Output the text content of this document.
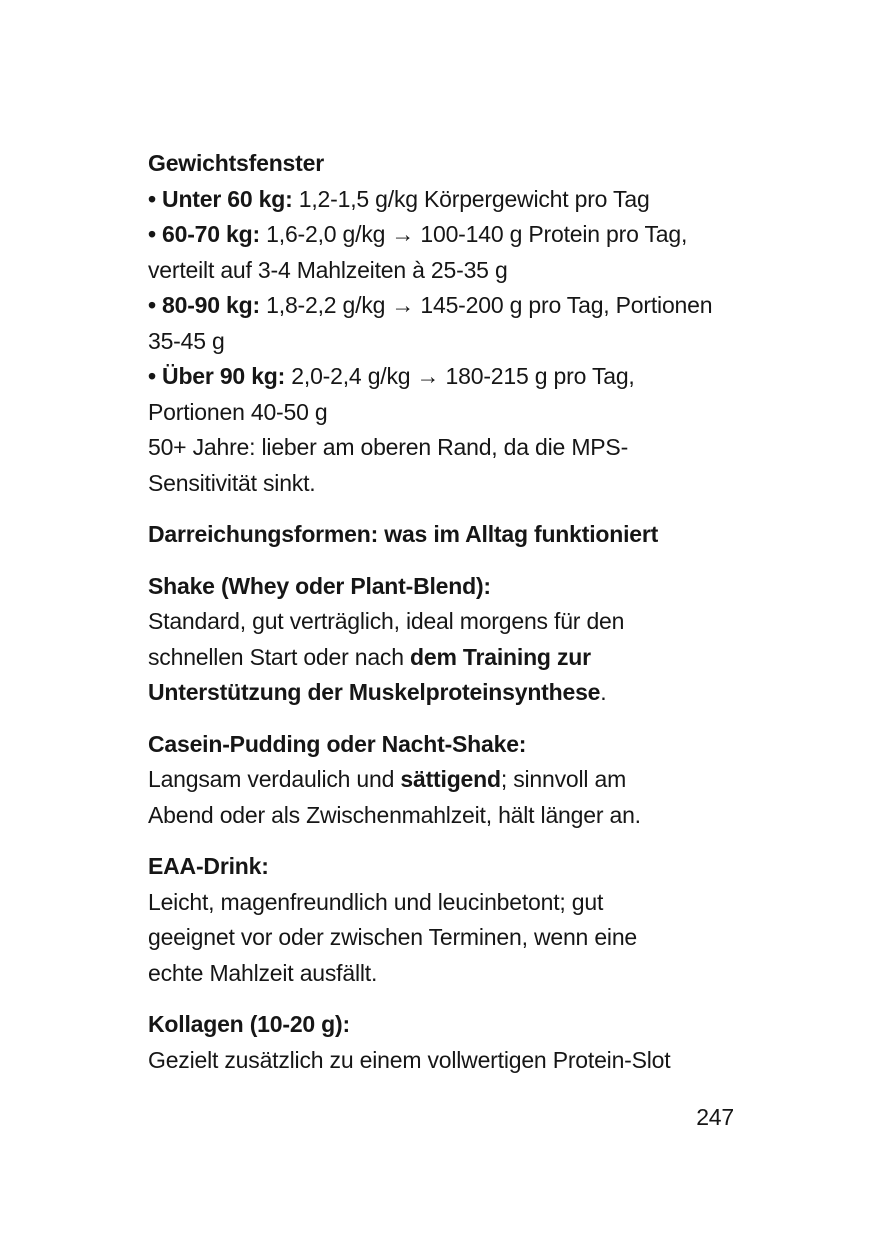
Gewichtsfenster
• Unter 60 kg: 1,2-1,5 g/kg Körpergewicht pro Tag
• 60-70 kg: 1,6-2,0 g/kg → 100-140 g Protein pro Tag,
verteilt auf 3-4 Mahlzeiten à 25-35 g
• 80-90 kg: 1,8-2,2 g/kg → 145-200 g pro Tag, Portionen
35-45 g
• Über 90 kg: 2,0-2,4 g/kg → 180-215 g pro Tag,
Portionen 40-50 g
50+ Jahre: lieber am oberen Rand, da die MPS-
Sensitivität sinkt.
Darreichungsformen: was im Alltag funktioniert
Shake (Whey oder Plant-Blend):
Standard, gut verträglich, ideal morgens für den
schnellen Start oder nach dem Training zur
Unterstützung der Muskelproteinsynthese.
Casein-Pudding oder Nacht-Shake:
Langsam verdaulich und sättigend; sinnvoll am
Abend oder als Zwischenmahlzeit, hält länger an.
EAA-Drink:
Leicht, magenfreundlich und leucinbetont; gut
geeignet vor oder zwischen Terminen, wenn eine
echte Mahlzeit ausfällt.
Kollagen (10-20 g):
Gezielt zusätzlich zu einem vollwertigen Protein-Slot
247
